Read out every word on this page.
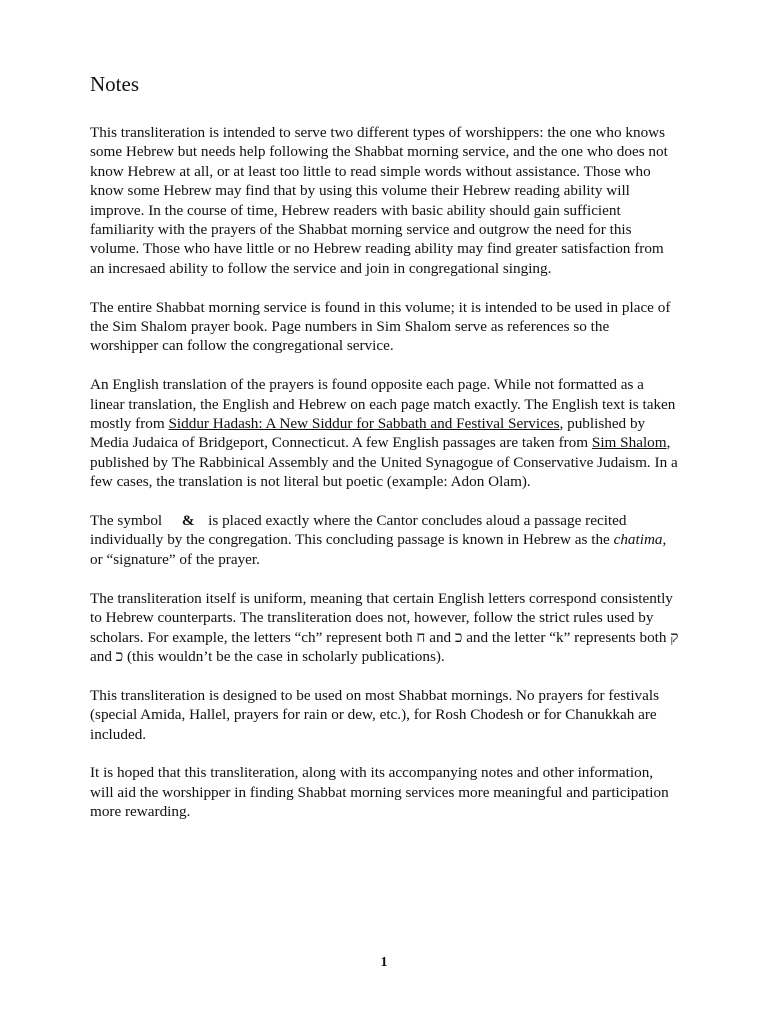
Notes

This transliteration is intended to serve two different types of worshippers: the one who knows some Hebrew but needs help following the Shabbat morning service, and the one who does not know Hebrew at all, or at least too little to read simple words without assistance. Those who know some Hebrew may find that by using this volume their Hebrew reading ability will improve. In the course of time, Hebrew readers with basic ability should gain sufficient familiarity with the prayers of the Shabbat morning service and outgrow the need for this volume. Those who have little or no Hebrew reading ability may find greater satisfaction from an incresaed ability to follow the service and join in congregational singing.

The entire Shabbat morning service is found in this volume; it is intended to be used in place of the Sim Shalom prayer book. Page numbers in Sim Shalom serve as references so the worshipper can follow the congregational service.

An English translation of the prayers is found opposite each page. While not formatted as a linear translation, the English and Hebrew on each page match exactly. The English text is taken mostly from Siddur Hadash: A New Siddur for Sabbath and Festival Services, published by Media Judaica of Bridgeport, Connecticut. A few English passages are taken from Sim Shalom, published by The Rabbinical Assembly and the United Synagogue of Conservative Judaism. In a few cases, the translation is not literal but poetic (example: Adon Olam).

The symbol & is placed exactly where the Cantor concludes aloud a passage recited individually by the congregation. This concluding passage is known in Hebrew as the chatima, or “signature” of the prayer.

The transliteration itself is uniform, meaning that certain English letters correspond consistently to Hebrew counterparts. The transliteration does not, however, follow the strict rules used by scholars. For example, the letters “ch” represent both ח and כ and the letter “k” represents both ק and כ (this wouldn’t be the case in scholarly publications).

This transliteration is designed to be used on most Shabbat mornings. No prayers for festivals (special Amida, Hallel, prayers for rain or dew, etc.), for Rosh Chodesh or for Chanukkah are included.

It is hoped that this transliteration, along with its accompanying notes and other information, will aid the worshipper in finding Shabbat morning services more meaningful and participation more rewarding.

1
